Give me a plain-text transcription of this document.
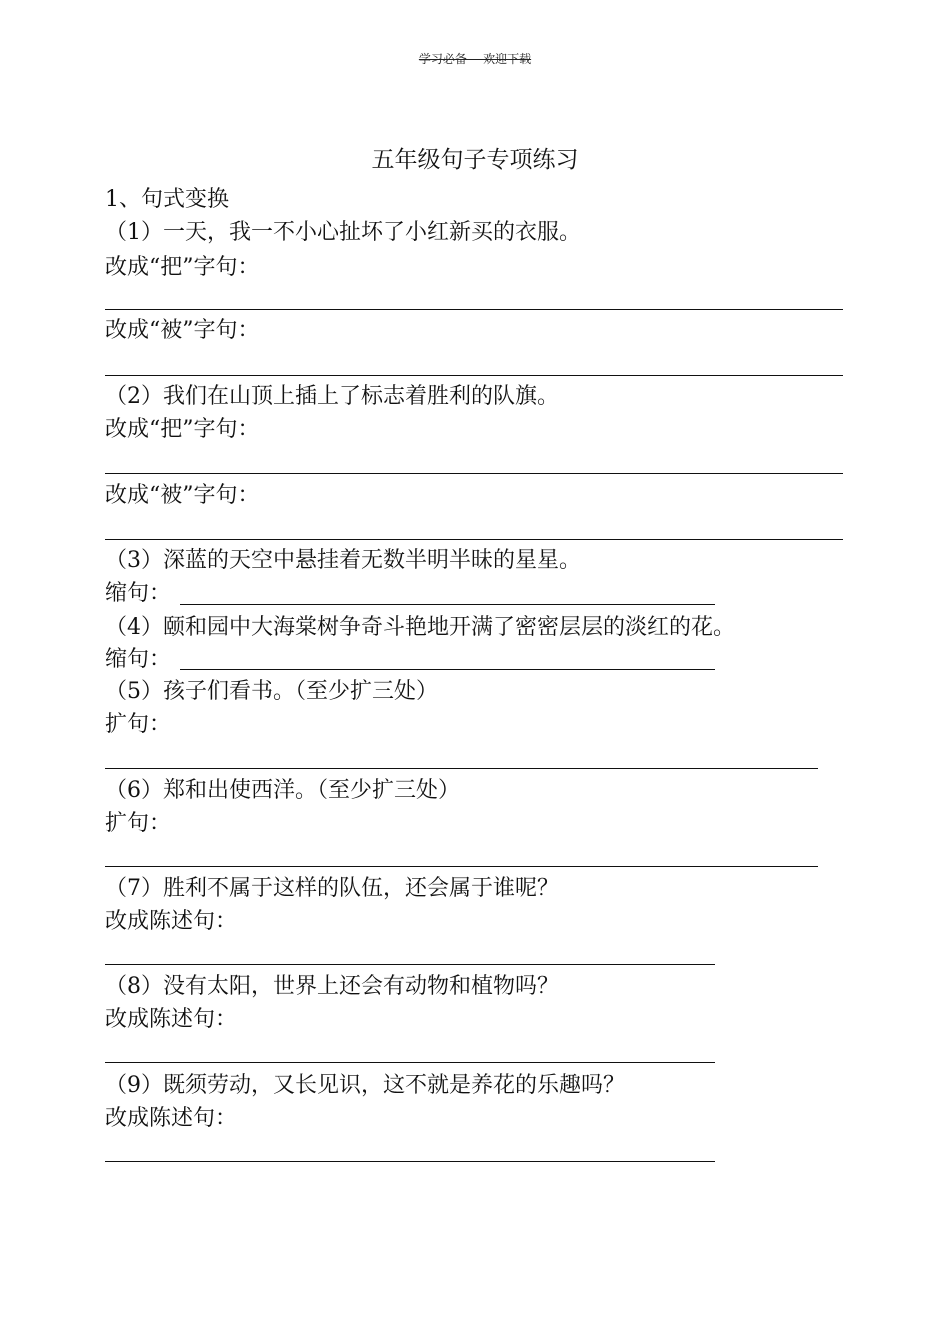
学习必备----欢迎下载
五年级句子专项练习
1、句式变换
（1）一天，我一不小心扯坏了小红新买的衣服。
改成“把”字句：
改成“被”字句：
（2）我们在山顶上插上了标志着胜利的队旗。
改成“把”字句：
改成“被”字句：
（3）深蓝的天空中悬挂着无数半明半昧的星星。
缩句：
（4）颐和园中大海棠树争奇斗艳地开满了密密层层的淡红的花。
缩句：
（5）孩子们看书。（至少扩三处）
扩句：
（6）郑和出使西洋。（至少扩三处）
扩句：
（7）胜利不属于这样的队伍，还会属于谁呢？
改成陈述句：
（8）没有太阳，世界上还会有动物和植物吗？
改成陈述句：
（9）既须劳动，又长见识，这不就是养花的乐趣吗？
改成陈述句：
